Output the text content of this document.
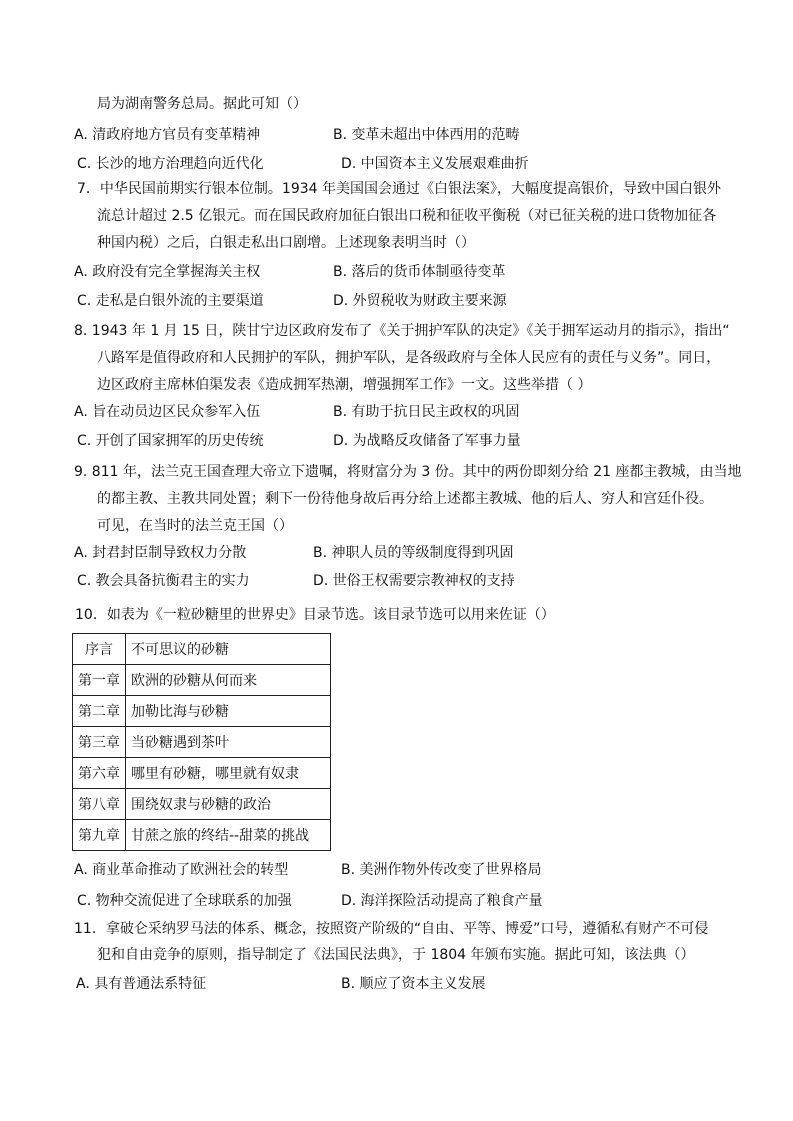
局为湖南警务总局。据此可知（）
A. 清政府地方官员有变革精神	B. 变革未超出中体西用的范畴
C. 长沙的地方治理趋向近代化	D. 中国资本主义发展艰难曲折
7．中华民国前期实行银本位制。1934 年美国国会通过《白银法案》，大幅度提高银价，导致中国白银外
流总计超过 2.5 亿银元。而在国民政府加征白银出口税和征收平衡税（对已征关税的进口货物加征各
种国内税）之后，白银走私出口剧增。上述现象表明当时（）
A. 政府没有完全掌握海关主权	B. 落后的货币体制亟待变革
C. 走私是白银外流的主要渠道	D. 外贸税收为财政主要来源
8. 1943 年 1 月 15 日，陕甘宁边区政府发布了《关于拥护军队的决定》《关于拥军运动月的指示》，指出“
八路军是值得政府和人民拥护的军队，拥护军队，是各级政府与全体人民应有的责任与义务”。同日，
边区政府主席林伯渠发表《造成拥军热潮，增强拥军工作》一文。这些举措（ ）
A. 旨在动员边区民众参军入伍	B. 有助于抗日民主政权的巩固
C. 开创了国家拥军的历史传统	D. 为战略反攻储备了军事力量
9. 811 年，法兰克王国查理大帝立下遗嘱，将财富分为 3 份。其中的两份即刻分给 21 座都主教城，由当地
的都主教、主教共同处置；剩下一份待他身故后再分给上述都主教城、他的后人、穷人和宫廷仆役。
可见，在当时的法兰克王国（）
A. 封君封臣制导致权力分散	B. 神职人员的等级制度得到巩固
C. 教会具备抗衡君主的实力	D. 世俗王权需要宗教神权的支持
10．如表为《一粒砂糖里的世界史》目录节选。该目录节选可以用来佐证（）
序言	不可思议的砂糖
第一章	欧洲的砂糖从何而来
第二章	加勒比海与砂糖
第三章	当砂糖遇到茶叶
第六章	哪里有砂糖，哪里就有奴隶
第八章	围绕奴隶与砂糖的政治
第九章	甘蔗之旅的终结--甜菜的挑战
A. 商业革命推动了欧洲社会的转型	B. 美洲作物外传改变了世界格局
C. 物种交流促进了全球联系的加强	D. 海洋探险活动提高了粮食产量
11．拿破仑采纳罗马法的体系、概念，按照资产阶级的“自由、平等、博爱”口号，遵循私有财产不可侵
犯和自由竞争的原则，指导制定了《法国民法典》，于 1804 年颁布实施。据此可知，该法典（）
A. 具有普通法系特征	B. 顺应了资本主义发展
